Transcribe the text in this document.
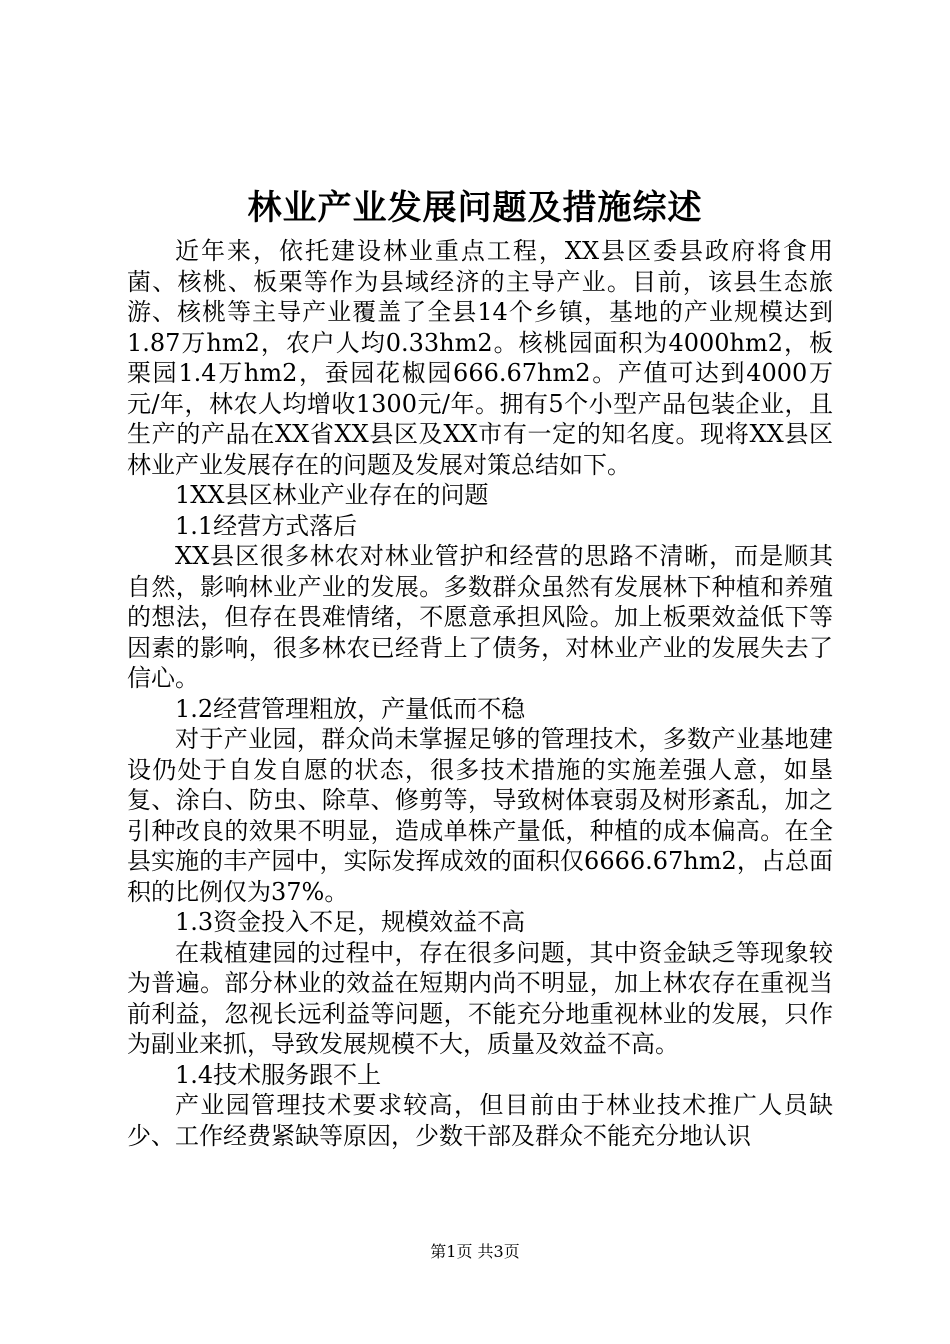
林业产业发展问题及措施综述

近年来，依托建设林业重点工程，XX县区委县政府将食用菌、核桃、板栗等作为县域经济的主导产业。目前，该县生态旅游、核桃等主导产业覆盖了全县14个乡镇，基地的产业规模达到1.87万hm2，农户人均0.33hm2。核桃园面积为4000hm2，板栗园1.4万hm2，蚕园花椒园666.67hm2。产值可达到4000万元/年，林农人均增收1300元/年。拥有5个小型产品包装企业，且生产的产品在XX省XX县区及XX市有一定的知名度。现将XX县区林业产业发展存在的问题及发展对策总结如下。

1XX县区林业产业存在的问题

1.1经营方式落后

XX县区很多林农对林业管护和经营的思路不清晰，而是顺其自然，影响林业产业的发展。多数群众虽然有发展林下种植和养殖的想法，但存在畏难情绪，不愿意承担风险。加上板栗效益低下等因素的影响，很多林农已经背上了债务，对林业产业的发展失去了信心。

1.2经营管理粗放，产量低而不稳

对于产业园，群众尚未掌握足够的管理技术，多数产业基地建设仍处于自发自愿的状态，很多技术措施的实施差强人意，如垦复、涂白、防虫、除草、修剪等，导致树体衰弱及树形紊乱，加之引种改良的效果不明显，造成单株产量低，种植的成本偏高。在全县实施的丰产园中，实际发挥成效的面积仅6666.67hm2，占总面积的比例仅为37%。

1.3资金投入不足，规模效益不高

在栽植建园的过程中，存在很多问题，其中资金缺乏等现象较为普遍。部分林业的效益在短期内尚不明显，加上林农存在重视当前利益，忽视长远利益等问题，不能充分地重视林业的发展，只作为副业来抓，导致发展规模不大，质量及效益不高。

1.4技术服务跟不上

产业园管理技术要求较高，但目前由于林业技术推广人员缺少、工作经费紧缺等原因，少数干部及群众不能充分地认识

第1页 共3页
